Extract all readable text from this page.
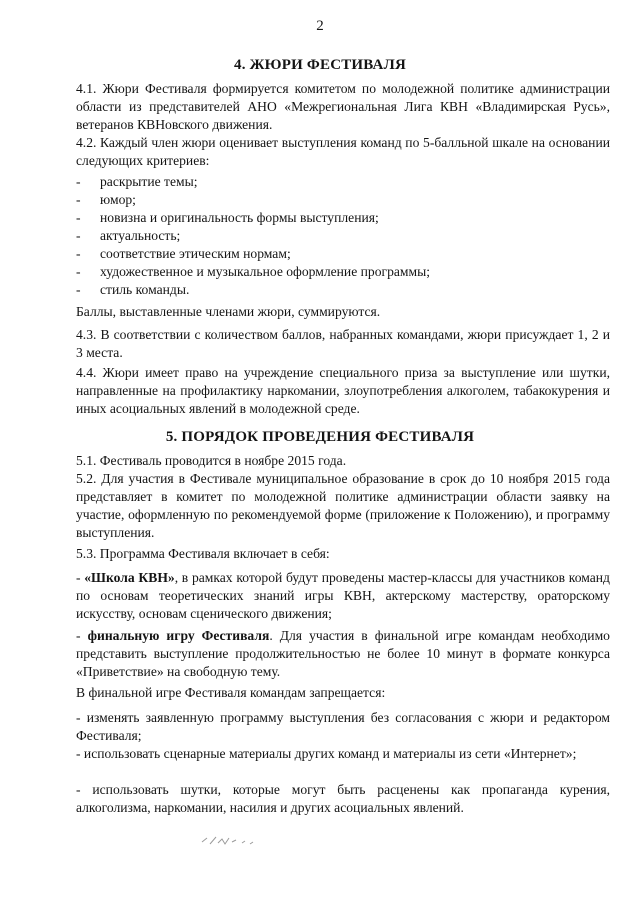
2
4. ЖЮРИ ФЕСТИВАЛЯ
4.1. Жюри Фестиваля формируется комитетом по молодежной политике администрации области из представителей АНО «Межрегиональная Лига КВН «Владимирская Русь», ветеранов КВНовского движения.
4.2. Каждый член жюри оценивает выступления команд по 5-балльной шкале на основании следующих критериев:
- раскрытие темы;
- юмор;
- новизна и оригинальность формы выступления;
- актуальность;
- соответствие этическим нормам;
- художественное и музыкальное оформление программы;
- стиль команды.
Баллы, выставленные членами жюри, суммируются.
4.3. В соответствии с количеством баллов, набранных командами, жюри присуждает 1, 2 и 3 места.
4.4. Жюри имеет право на учреждение специального приза за выступление или шутки, направленные на профилактику наркомании, злоупотребления алкоголем, табакокурения и иных асоциальных явлений в молодежной среде.
5. ПОРЯДОК ПРОВЕДЕНИЯ ФЕСТИВАЛЯ
5.1. Фестиваль проводится в ноябре 2015 года.
5.2. Для участия в Фестивале муниципальное образование в срок до 10 ноября 2015 года представляет в комитет по молодежной политике администрации области заявку на участие, оформленную по рекомендуемой форме (приложение к Положению), и программу выступления.
5.3. Программа Фестиваля включает в себя:
- «Школа КВН», в рамках которой будут проведены мастер-классы для участников команд по основам теоретических знаний игры КВН, актерскому мастерству, ораторскому искусству, основам сценического движения;
- финальную игру Фестиваля. Для участия в финальной игре командам необходимо представить выступление продолжительностью не более 10 минут в формате конкурса «Приветствие» на свободную тему.
В финальной игре Фестиваля командам запрещается:
- изменять заявленную программу выступления без согласования с жюри и редактором Фестиваля;
- использовать сценарные материалы других команд и материалы из сети «Интернет»;
- использовать шутки, которые могут быть расценены как пропаганда курения, алкоголизма, наркомании, насилия и других асоциальных явлений.
